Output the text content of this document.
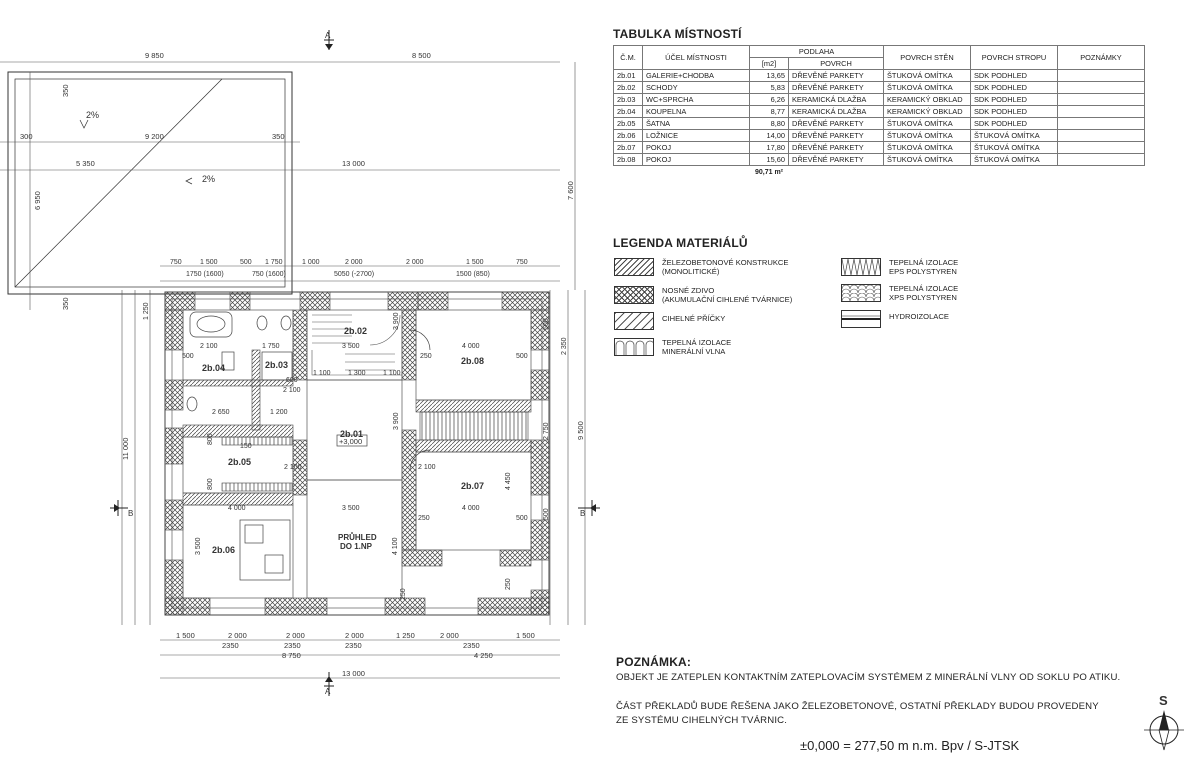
2%
2%
9 850	8 500
300	9 200	350
5 350	13 000
750	1 500	500 1 750	1 000	2 000	2 000	1 500	750
1750 (1600)	750 (1600)	5050 (-2700)	1500 (850)
7 600
9 500
11 000
350
6 950
350
A
A
B	B
2b.01
+3,000
2b.02
2b.03
2b.04
2b.05
2b.06
2b.07
2b.08
PRŮHLED
DO 1.NP
2 100	1 750	3 500	4 000
500	500
1 100 1 300 1 100
600
2 100
250
2 650	1 200	3 900
2 100	2 100
4 000	3 500	4 000
250
3 500	4 100
4 450
250
500
500
500
250
2 750
2 350
150
800
800
3 900
1 250
1 500	2 000	2 000	2 000	1 250	2 000	1 500
2350	2350	2350	2350
8 750	4 250
13 000
S
TABULKA MÍSTNOSTÍ
Č.M.	ÚČEL MÍSTNOSTI	PODLAHA		POVRCH STĚN	POVRCH STROPU	POZNÁMKY
		[m2]	POVRCH			
2b.01	GALERIE+CHODBA	13,65	DŘEVĚNÉ PARKETY	ŠTUKOVÁ OMÍTKA	SDK PODHLED	
2b.02	SCHODY	5,83	DŘEVĚNÉ PARKETY	ŠTUKOVÁ OMÍTKA	SDK PODHLED	
2b.03	WC+SPRCHA	6,26	KERAMICKÁ DLAŽBA	KERAMICKÝ OBKLAD	SDK PODHLED	
2b.04	KOUPELNA	8,77	KERAMICKÁ DLAŽBA	KERAMICKÝ OBKLAD	SDK PODHLED	
2b.05	ŠATNA	8,80	DŘEVĚNÉ PARKETY	ŠTUKOVÁ OMÍTKA	SDK PODHLED	
2b.06	LOŽNICE	14,00	DŘEVĚNÉ PARKETY	ŠTUKOVÁ OMÍTKA	ŠTUKOVÁ OMÍTKA	
2b.07	POKOJ	17,80	DŘEVĚNÉ PARKETY	ŠTUKOVÁ OMÍTKA	ŠTUKOVÁ OMÍTKA	
2b.08	POKOJ	15,60	DŘEVĚNÉ PARKETY	ŠTUKOVÁ OMÍTKA	ŠTUKOVÁ OMÍTKA	
90,71 m²
LEGENDA MATERIÁLŮ
ŽELEZOBETONOVÉ KONSTRUKCE
(MONOLITICKÉ)
NOSNÉ ZDIVO
(AKUMULAČNÍ CIHLENÉ TVÁRNICE)
CIHELNÉ PŘÍČKY
TEPELNÁ IZOLACE
MINERÁLNÍ VLNA
TEPELNÁ IZOLACE
EPS POLYSTYREN
TEPELNÁ IZOLACE
XPS POLYSTYREN
HYDROIZOLACE
POZNÁMKA:
OBJEKT JE ZATEPLEN KONTAKTNÍM ZATEPLOVACÍM SYSTÉMEM Z MINERÁLNÍ VLNY OD SOKLU PO ATIKU.
ČÁST PŘEKLADŮ BUDE ŘEŠENA JAKO ŽELEZOBETONOVÉ, OSTATNÍ PŘEKLADY BUDOU PROVEDENY
ZE SYSTÉMU CIHELNÝCH TVÁRNIC.
±0,000 = 277,50 m n.m. Bpv / S-JTSK
